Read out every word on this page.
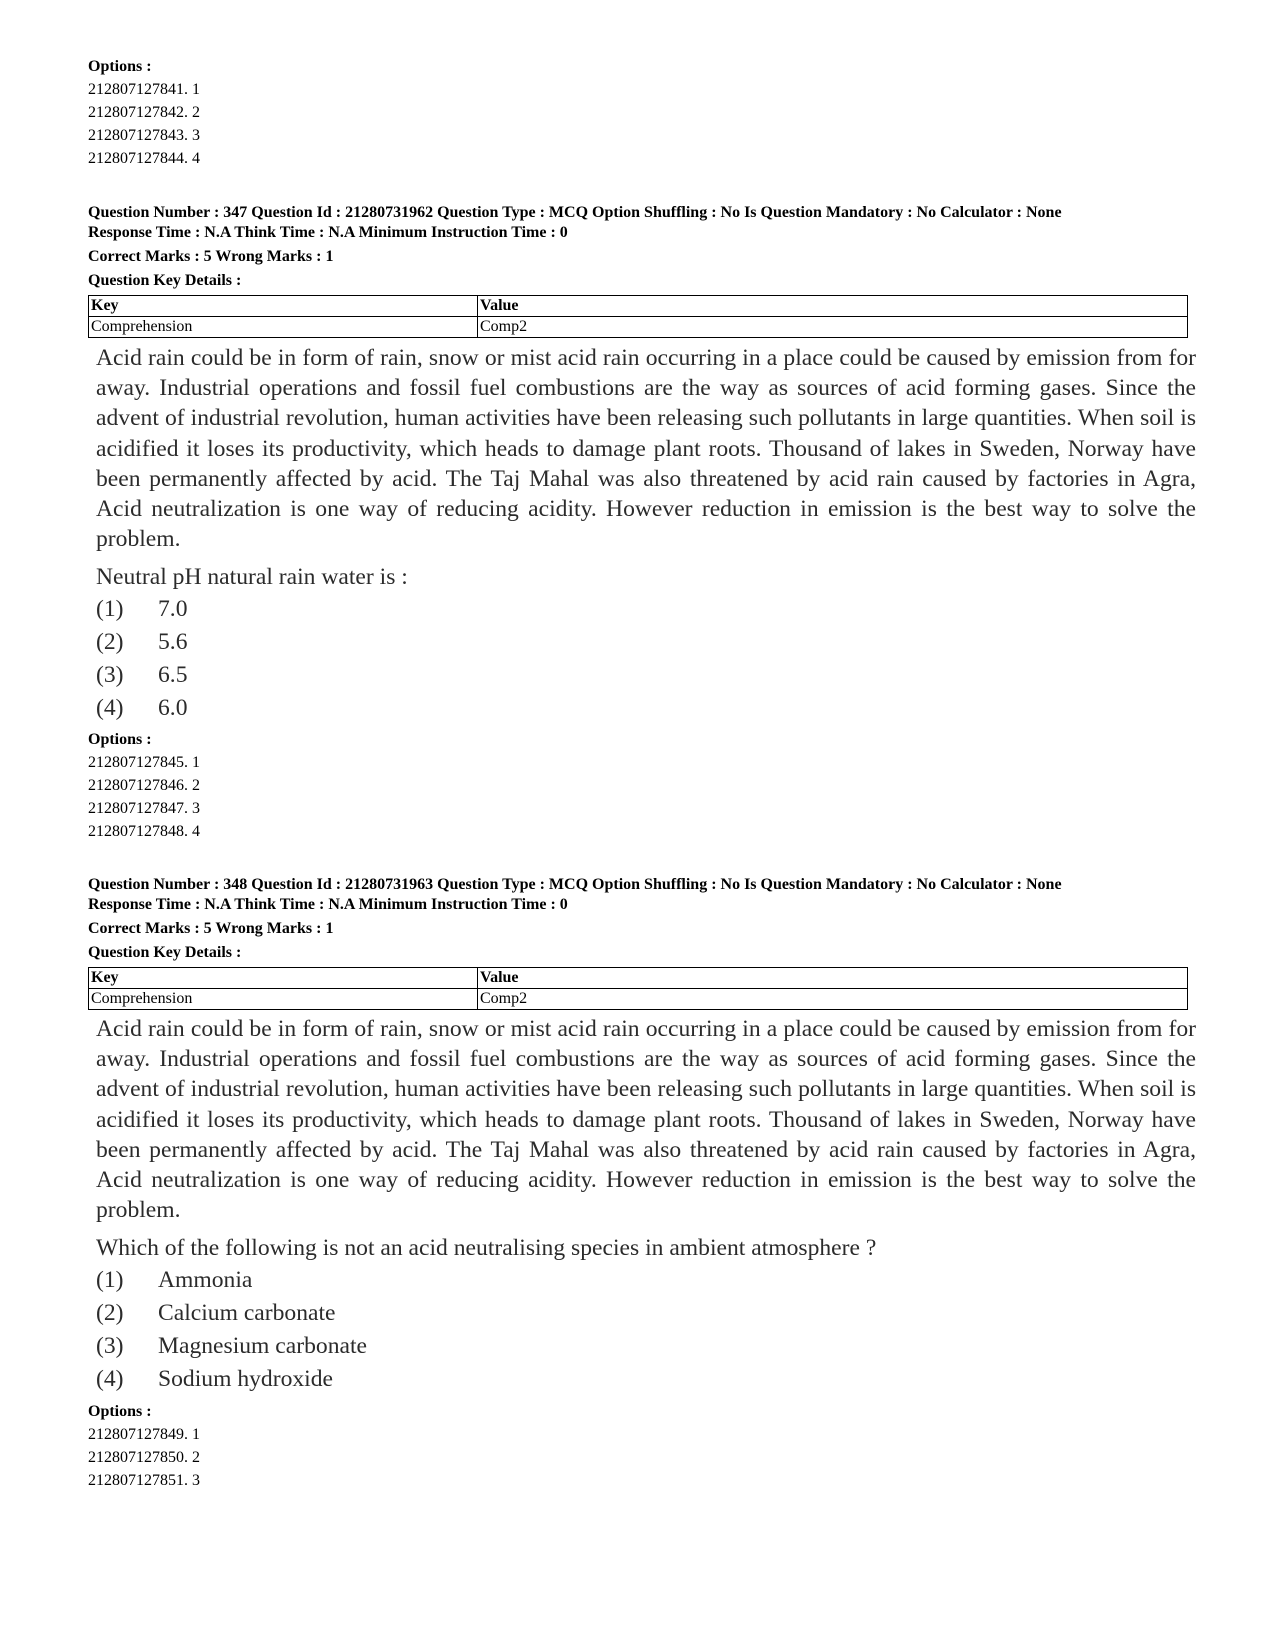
Options :
212807127841. 1
212807127842. 2
212807127843. 3
212807127844. 4
Question Number : 347 Question Id : 21280731962 Question Type : MCQ Option Shuffling : No Is Question Mandatory : No Calculator : None
Response Time : N.A Think Time : N.A Minimum Instruction Time : 0
Correct Marks : 5 Wrong Marks : 1
Question Key Details :
Key	Value
Comprehension	Comp2
Acid rain could be in form of rain, snow or mist acid rain occurring in a place could be caused by emission from for away. Industrial operations and fossil fuel combustions are the way as sources of acid forming gases. Since the advent of industrial revolution, human activities have been releasing such pollutants in large quantities. When soil is acidified it loses its productivity, which heads to damage plant roots. Thousand of lakes in Sweden, Norway have been permanently affected by acid. The Taj Mahal was also threatened by acid rain caused by factories in Agra, Acid neutralization is one way of reducing acidity. However reduction in emission is the best way to solve the problem.
Neutral pH natural rain water is :
(1)	7.0
(2)	5.6
(3)	6.5
(4)	6.0
Options :
212807127845. 1
212807127846. 2
212807127847. 3
212807127848. 4
Question Number : 348 Question Id : 21280731963 Question Type : MCQ Option Shuffling : No Is Question Mandatory : No Calculator : None
Response Time : N.A Think Time : N.A Minimum Instruction Time : 0
Correct Marks : 5 Wrong Marks : 1
Question Key Details :
Key	Value
Comprehension	Comp2
Acid rain could be in form of rain, snow or mist acid rain occurring in a place could be caused by emission from for away. Industrial operations and fossil fuel combustions are the way as sources of acid forming gases. Since the advent of industrial revolution, human activities have been releasing such pollutants in large quantities. When soil is acidified it loses its productivity, which heads to damage plant roots. Thousand of lakes in Sweden, Norway have been permanently affected by acid. The Taj Mahal was also threatened by acid rain caused by factories in Agra, Acid neutralization is one way of reducing acidity. However reduction in emission is the best way to solve the problem.
Which of the following is not an acid neutralising species in ambient atmosphere ?
(1)	Ammonia
(2)	Calcium carbonate
(3)	Magnesium carbonate
(4)	Sodium hydroxide
Options :
212807127849. 1
212807127850. 2
212807127851. 3
